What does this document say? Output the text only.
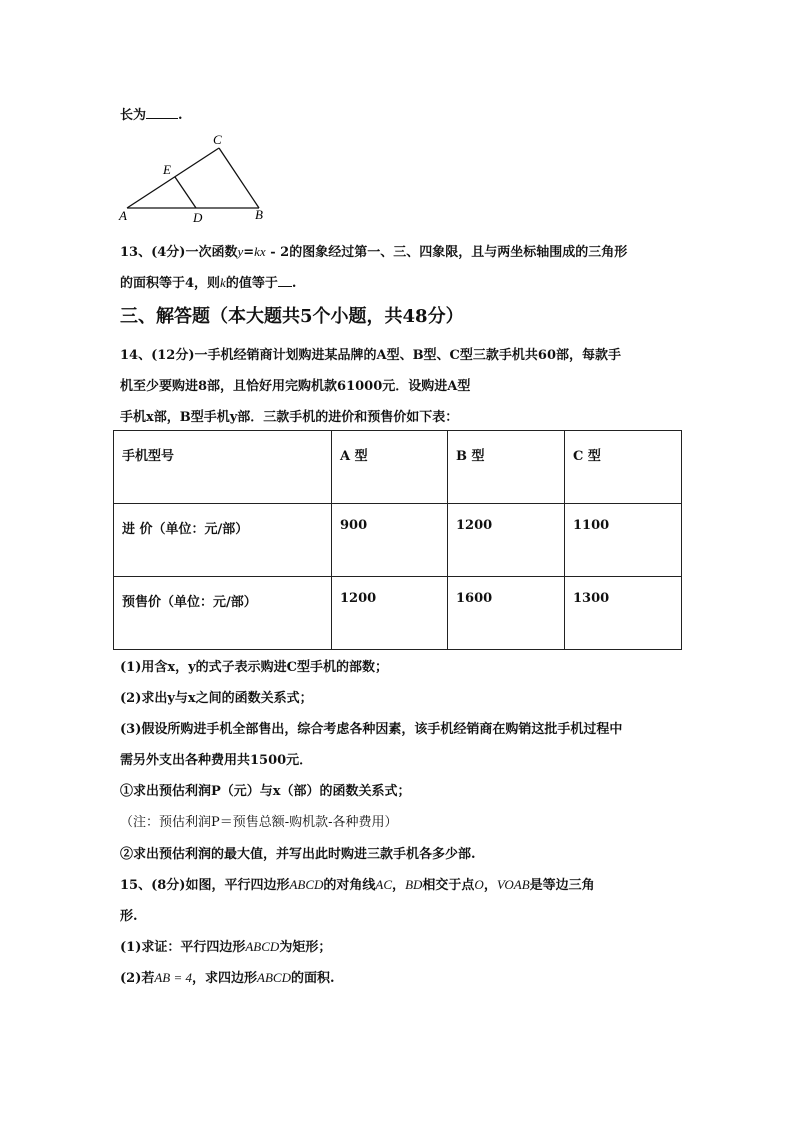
长为 .
C
E
A	D	B
13、(4分)一次函数y=kx - 2的图象经过第一、三、四象限，且与两坐标轴围成的三角形
的面积等于4，则k的值等于 .
三、解答题（本大题共5个小题，共48分）
14、(12分)一手机经销商计划购进某品牌的A型、B型、C型三款手机共60部，每款手
机至少要购进8部，且恰好用完购机款61000元．设购进A型
手机x部，B型手机y部．三款手机的进价和预售价如下表：
手机型号	A 型	B 型	C 型
进 价（单位：元/部）	900	1200	1100
预售价（单位：元/部）	1200	1600	1300
(1)用含x，y的式子表示购进C型手机的部数；
(2)求出y与x之间的函数关系式；
(3)假设所购进手机全部售出，综合考虑各种因素，该手机经销商在购销这批手机过程中
需另外支出各种费用共1500元．
①求出预估利润P（元）与x（部）的函数关系式；
（注：预估利润P＝预售总额-购机款-各种费用）
②求出预估利润的最大值，并写出此时购进三款手机各多少部.
15、(8分)如图，平行四边形ABCD的对角线AC，BD相交于点O，VOAB是等边三角
形.
(1)求证：平行四边形ABCD为矩形；
(2)若AB = 4，求四边形ABCD的面积.
